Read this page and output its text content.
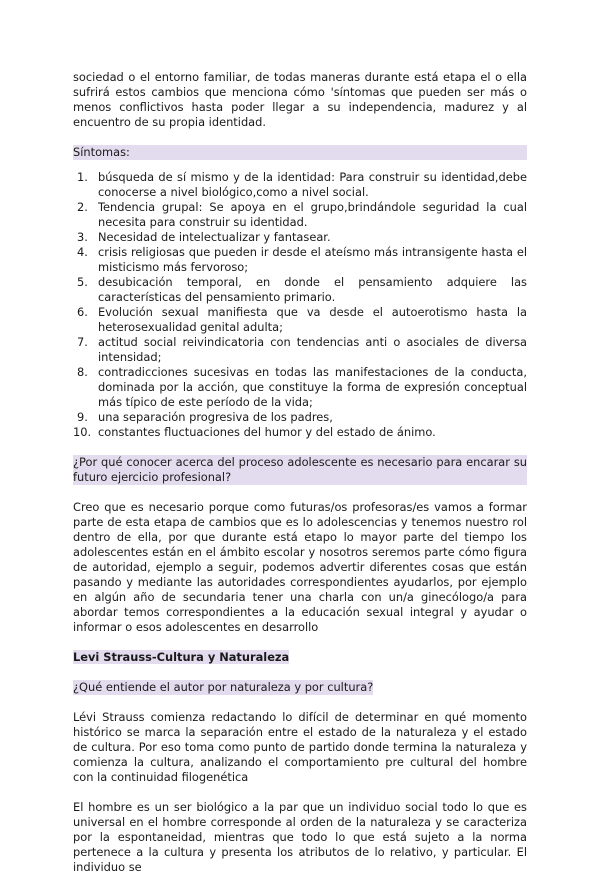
sociedad o el entorno familiar, de todas maneras durante está etapa el o ella sufrirá estos cambios que menciona cómo 'síntomas que pueden ser más o menos conflictivos hasta poder llegar a su independencia, madurez y al encuentro de su propia identidad.

Síntomas:

1. búsqueda de sí mismo y de la identidad: Para construir su identidad,debe conocerse a nivel biológico,como a nivel social.
2. Tendencia grupal: Se apoya en el grupo,brindándole seguridad la cual necesita para construir su identidad.
3. Necesidad de intelectualizar y fantasear.
4. crisis religiosas que pueden ir desde el ateísmo más intransigente hasta el misticismo más fervoroso;
5. desubicación temporal, en donde el pensamiento adquiere las características del pensamiento primario.
6. Evolución sexual manifiesta que va desde el autoerotismo hasta la heterosexualidad genital adulta;
7. actitud social reivindicatoria con tendencias anti o asociales de diversa intensidad;
8. contradicciones sucesivas en todas las manifestaciones de la conducta, dominada por la acción, que constituye la forma de expresión conceptual más típico de este período de la vida;
9. una separación progresiva de los padres,
10. constantes fluctuaciones del humor y del estado de ánimo.

¿Por qué conocer acerca del proceso adolescente es necesario para encarar su futuro ejercicio profesional?

Creo que es necesario porque como futuras/os profesoras/es vamos a formar parte de esta etapa de cambios que es lo adolescencias y tenemos nuestro rol dentro de ella, por que durante está etapo lo mayor parte del tiempo los adolescentes están en el ámbito escolar y nosotros seremos parte cómo figura de autoridad, ejemplo a seguir, podemos advertir diferentes cosas que están pasando y mediante las autoridades correspondientes ayudarlos, por ejemplo en algún año de secundaria tener una charla con un/a ginecólogo/a para abordar temos correspondientes a la educación sexual integral y ayudar o informar o esos adolescentes en desarrollo

Levi Strauss-Cultura y Naturaleza

¿Qué entiende el autor por naturaleza y por cultura?

Lévi Strauss comienza redactando lo difícil de determinar en qué momento histórico se marca la separación entre el estado de la naturaleza y el estado de cultura. Por eso toma como punto de partido donde termina la naturaleza y comienza la cultura, analizando el comportamiento pre cultural del hombre con la continuidad filogenética

El hombre es un ser biológico a la par que un individuo social todo lo que es universal en el hombre corresponde al orden de la naturaleza y se caracteriza por la espontaneidad, mientras que todo lo que está sujeto a la norma pertenece a la cultura y presenta los atributos de lo relativo, y particular. El individuo se
